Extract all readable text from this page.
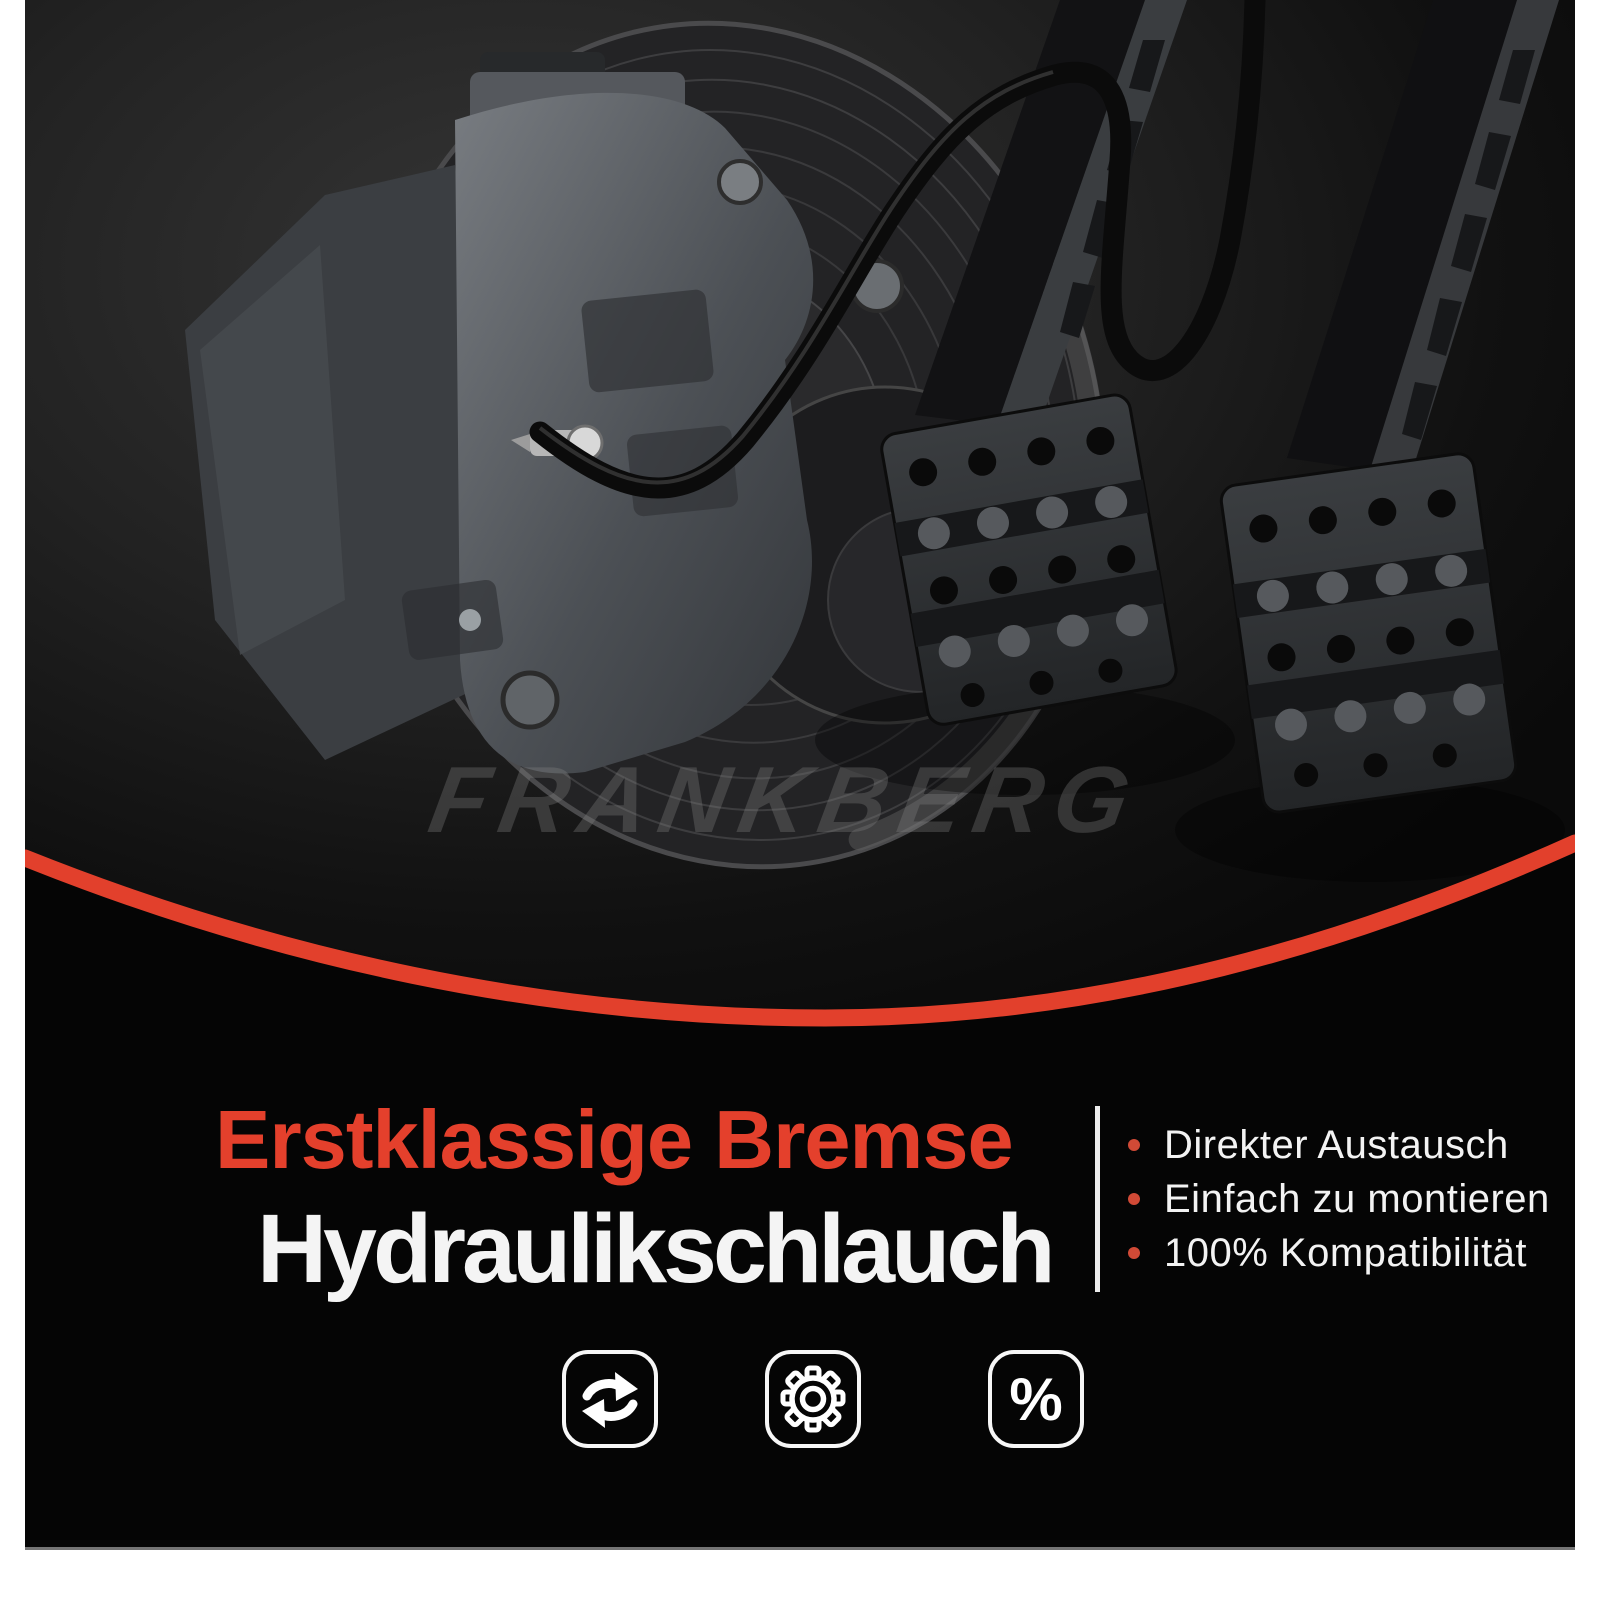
FRANKBERG
Erstklassige Bremse
Hydraulikschlauch
Direkter Austausch
Einfach zu montieren
100% Kompatibilität
%
